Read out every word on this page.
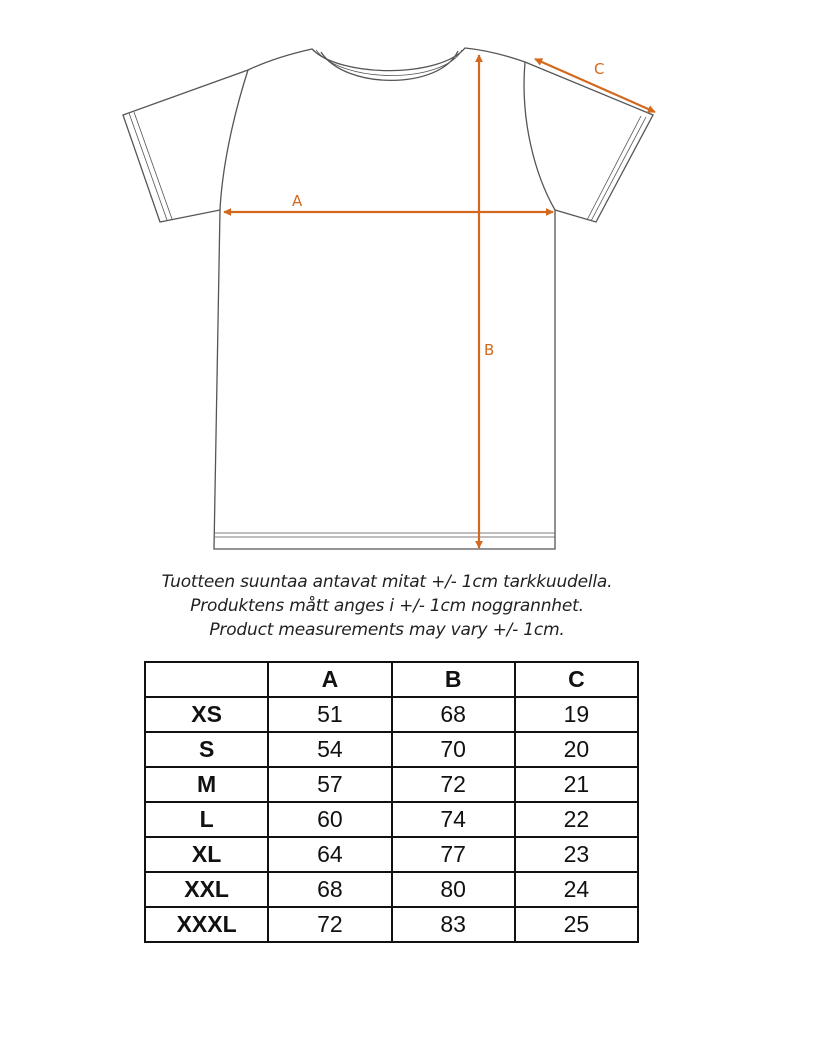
A
B
C
Tuotteen suuntaa antavat mitat +/- 1cm tarkkuudella.
Produktens mått anges i +/- 1cm noggrannhet.
Product measurements may vary +/- 1cm.
	A	B	C
XS	51	68	19
S	54	70	20
M	57	72	21
L	60	74	22
XL	64	77	23
XXL	68	80	24
XXXL	72	83	25
